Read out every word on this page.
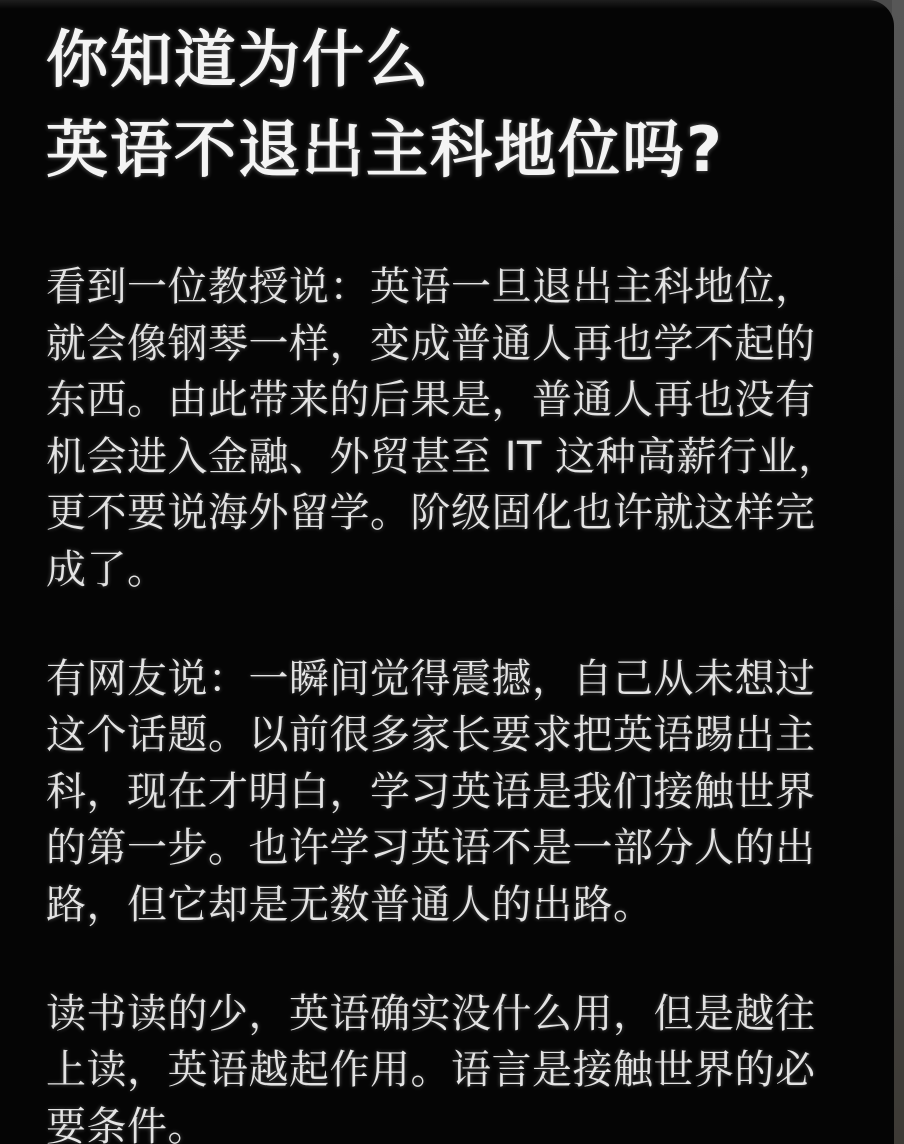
你知道为什么
英语不退出主科地位吗?
看到一位教授说：英语一旦退出主科地位，
就会像钢琴一样，变成普通人再也学不起的
东西。由此带来的后果是，普通人再也没有
机会进入金融、外贸甚至 IT 这种高薪行业，
更不要说海外留学。阶级固化也许就这样完
成了。
有网友说：一瞬间觉得震撼，自己从未想过
这个话题。以前很多家长要求把英语踢出主
科，现在才明白，学习英语是我们接触世界
的第一步。也许学习英语不是一部分人的出
路，但它却是无数普通人的出路。
读书读的少，英语确实没什么用，但是越往
上读，英语越起作用。语言是接触世界的必
要条件。
